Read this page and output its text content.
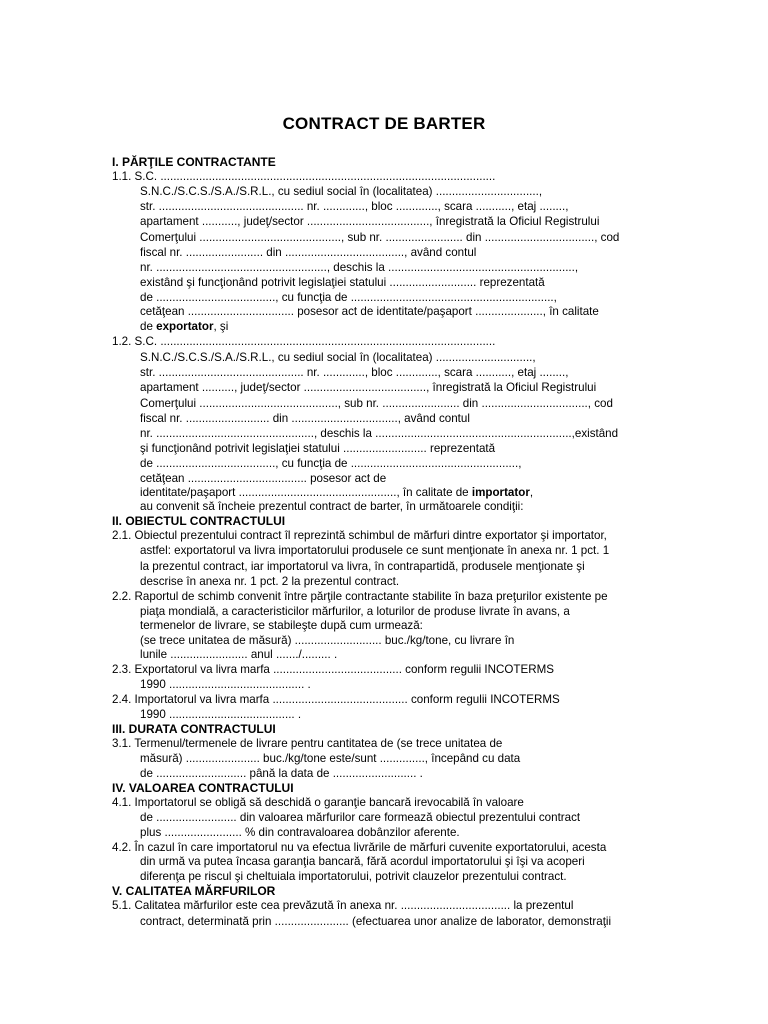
CONTRACT DE BARTER
I. PĂRŢILE CONTRACTANTE
1.1. S.C. ........................................................................................................
S.N.C./S.C.S./S.A./S.R.L., cu sediul social în (localitatea) ................................,
str. ............................................. nr. ............., bloc ............., scara ..........., etaj ........,
apartament ..........., judeţ/sector ......................................, înregistrată la Oficiul Registrului
Comerţului ............................................, sub nr. ........................ din .................................., cod
fiscal nr. ........................ din ....................................., având contul
nr. ....................................................., deschis la ..........................................................,
existând şi funcţionând potrivit legislaţiei statului ........................... reprezentată
de ....................................., cu funcţia de ...............................................................,
cetăţean ................................. posesor act de identitate/paşaport ....................., în calitate
de exportator, şi
1.2. S.C. ........................................................................................................
S.N.C./S.C.S./S.A./S.R.L., cu sediul social în (localitatea) ..............................,
str. ............................................. nr. ............., bloc ............., scara ..........., etaj ........,
apartament .........., judeţ/sector ......................................, înregistrată la Oficiul Registrului
Comerţului ..........................................., sub nr. ........................ din ................................., cod
fiscal nr. .......................... din ................................., având contul
nr. ................................................., deschis la .............................................................,existând
şi funcţionând potrivit legislaţiei statului .......................... reprezentată
de ....................................., cu funcţia de ....................................................,
cetăţean ..................................... posesor act de
identitate/paşaport ................................................., în calitate de importator,
au convenit să încheie prezentul contract de barter, în următoarele condiţii:
II. OBIECTUL CONTRACTULUI
2.1. Obiectul prezentului contract îl reprezintă schimbul de mărfuri dintre exportator şi importator,
astfel: exportatorul va livra importatorului produsele ce sunt menţionate în anexa nr. 1 pct. 1
la prezentul contract, iar importatorul va livra, în contrapartidă, produsele menţionate şi
descrise în anexa nr. 1 pct. 2 la prezentul contract.
2.2. Raportul de schimb convenit între părţile contractante stabilite în baza preţurilor existente pe
piaţa mondială, a caracteristicilor mărfurilor, a loturilor de produse livrate în avans, a
termenelor de livrare, se stabileşte după cum urmează:
(se trece unitatea de măsură) ........................... buc./kg/tone, cu livrare în
lunile ........................ anul ......./......... .
2.3. Exportatorul va livra marfa ........................................ conform regulii INCOTERMS
1990 .......................................... .
2.4. Importatorul va livra marfa .......................................... conform regulii INCOTERMS
1990 ....................................... .
III. DURATA CONTRACTULUI
3.1. Termenul/termenele de livrare pentru cantitatea de (se trece unitatea de
măsură) ....................... buc./kg/tone este/sunt .............., începând cu data
de ............................ până la data de .......................... .
IV. VALOAREA CONTRACTULUI
4.1. Importatorul se obligă să deschidă o garanţie bancară irevocabilă în valoare
de ......................... din valoarea mărfurilor care formează obiectul prezentului contract
plus ........................ % din contravaloarea dobânzilor aferente.
4.2. În cazul în care importatorul nu va efectua livrările de mărfuri cuvenite exportatorului, acesta
din urmă va putea încasa garanţia bancară, fără acordul importatorului şi îşi va acoperi
diferenţa pe riscul şi cheltuiala importatorului, potrivit clauzelor prezentului contract.
V. CALITATEA MĂRFURILOR
5.1. Calitatea mărfurilor este cea prevăzută în anexa nr. .................................. la prezentul
contract, determinată prin ....................... (efectuarea unor analize de laborator, demonstraţii
